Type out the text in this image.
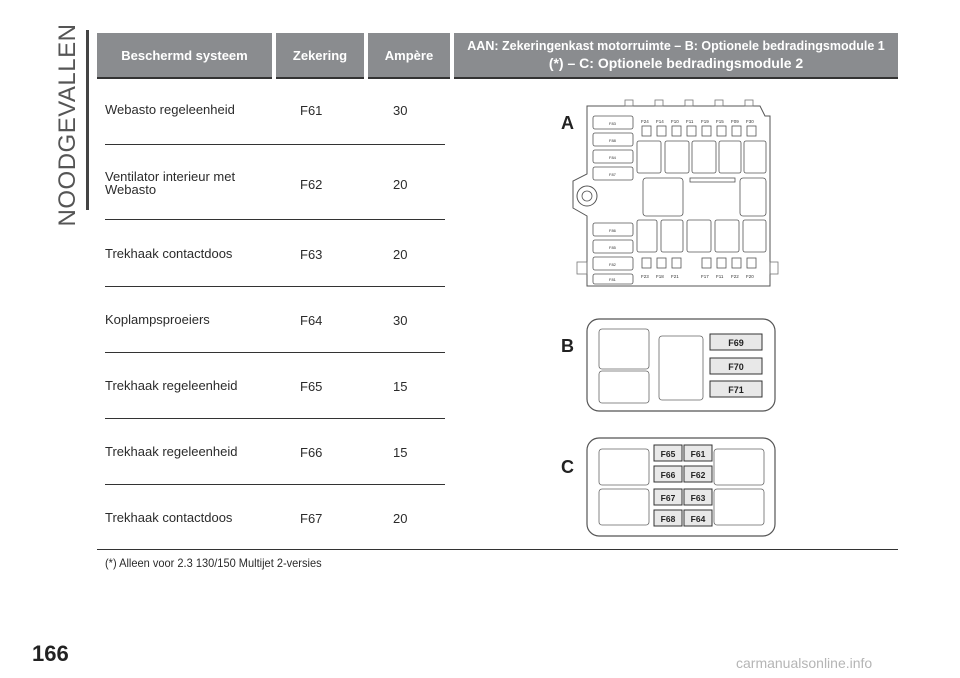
NOODGEVALLEN	Beschermd systeem	Zekering	Ampère
AAN: Zekeringenkast motorruimte – B: Optionele bedradingsmodule 1
(*) – C: Optionele bedradingsmodule 2
Webasto regeleenheid	F61	30
Ventilator interieur met Webasto	F62	20
Trekhaak contactdoos	F63	20
Koplampsproeiers	F64	30
Trekhaak regeleenheid	F65	15
Trekhaak regeleenheid	F66	15
Trekhaak contactdoos	F67	20
(*) Alleen voor 2.3 130/150 Multijet 2-versies
A
B
C
F83
F88
F84
F87
F86
F85
F82
F81
F24 F14 F10 F11 F19 F15 F09 F30
F23 F18 F21	F17 F11 F22 F20
F69
F70
F71
F65 F61
F66 F62
F67 F63
F68 F64
166	carmanualsonline.info
